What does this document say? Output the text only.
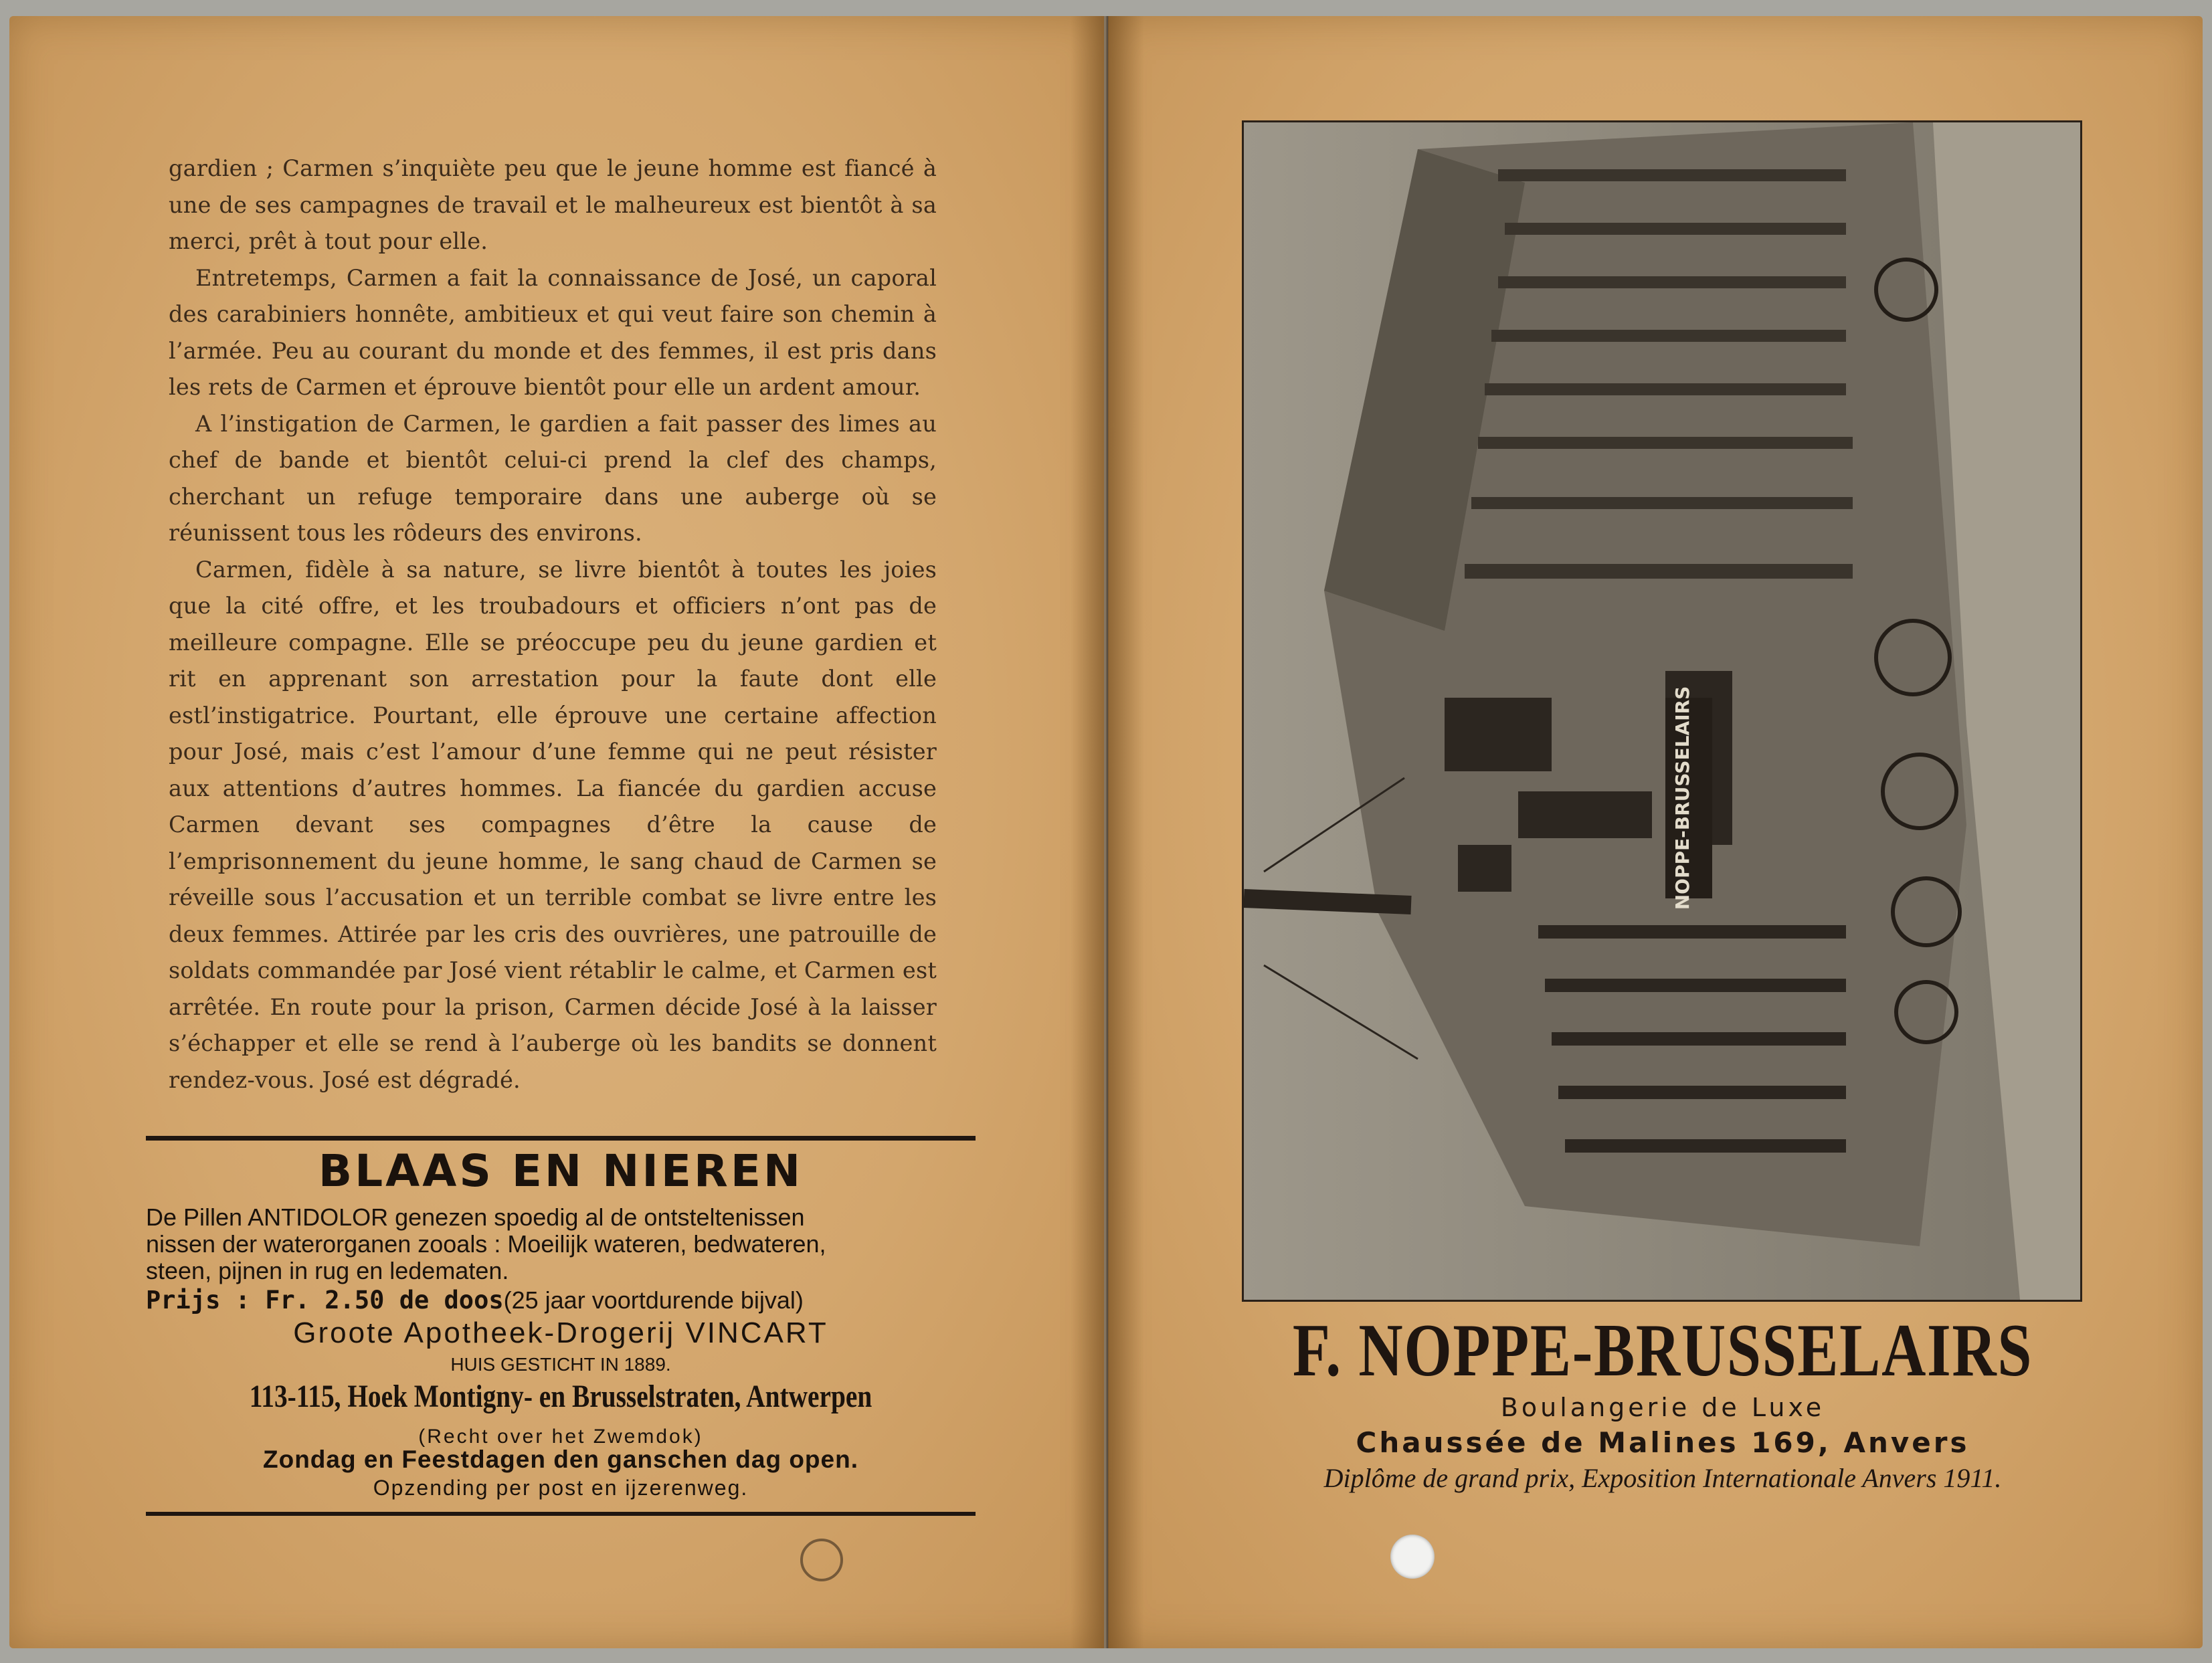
gardien ; Carmen s’inquiète peu que le jeune homme est fiancé à une de ses campagnes de travail et le malheureux est bientôt à sa merci, prêt à tout pour elle.

Entretemps, Carmen a fait la connaissance de José, un caporal des carabiniers honnête, ambitieux et qui veut faire son chemin à l’armée. Peu au courant du monde et des femmes, il est pris dans les rets de Carmen et éprouve bientôt pour elle un ardent amour.

A l’instigation de Carmen, le gardien a fait passer des limes au chef de bande et bientôt celui-ci prend la clef des champs, cherchant un refuge temporaire dans une auberge où se réunissent tous les rôdeurs des environs.

Carmen, fidèle à sa nature, se livre bientôt à toutes les joies que la cité offre, et les troubadours et officiers n’ont pas de meilleure compagne. Elle se préoccupe peu du jeune gardien et rit en apprenant son arrestation pour la faute dont elle estl’instigatrice. Pourtant, elle éprouve une certaine affection pour José, mais c’est l’amour d’une femme qui ne peut résister aux attentions d’autres hommes. La fiancée du gardien accuse Carmen devant ses compagnes d’être la cause de l’emprisonnement du jeune homme, le sang chaud de Carmen se réveille sous l’accusation et un terrible combat se livre entre les deux femmes. Attirée par les cris des ouvrières, une patrouille de soldats commandée par José vient rétablir le calme, et Carmen est arrêtée. En route pour la prison, Carmen décide José à la laisser s’échapper et elle se rend à l’auberge où les bandits se donnent rendez-vous. José est dégradé.

BLAAS EN NIEREN
De Pillen ANTIDOLOR genezen spoedig al de ontsteltenissen
nissen der waterorganen zooals : Moeilijk wateren, bedwateren,
steen, pijnen in rug en ledematen.
Prijs : Fr. 2.50 de doos(25 jaar voortdurende bijval)
Groote Apotheek-Drogerij VINCART
HUIS GESTICHT IN 1889.
113-115, Hoek Montigny- en Brusselstraten, Antwerpen
(Recht over het Zwemdok)
Zondag en Feestdagen den ganschen dag open.
Opzending per post en ijzerenweg.
NOPPE-BRUSSELAIRS
F. NOPPE-BRUSSELAIRS
Boulangerie de Luxe
Chaussée de Malines 169, Anvers
Diplôme de grand prix, Exposition Internationale Anvers 1911.
